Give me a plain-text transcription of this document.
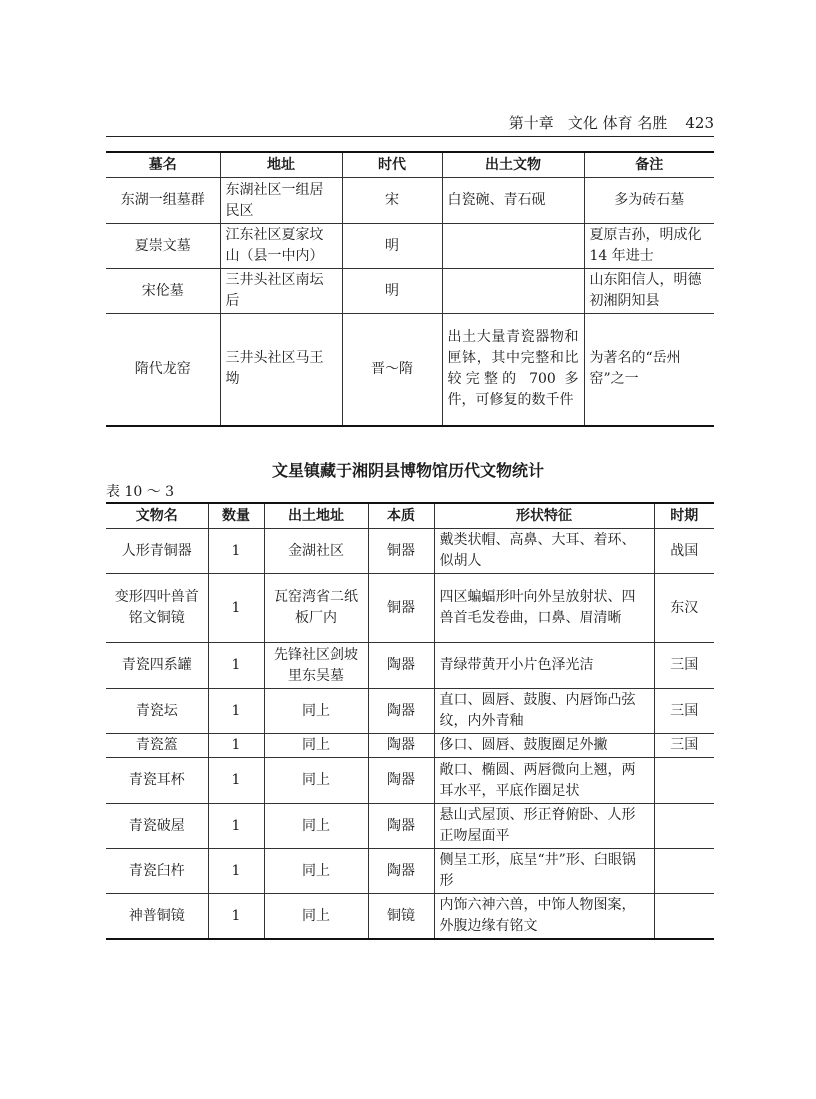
第十章 文化 体育 名胜 423
墓名	地址	时代	出土文物	备注
东湖一组墓群	东湖社区一组居民区	宋	白瓷碗、青石砚	多为砖石墓
夏崇文墓	江东社区夏家坟山（县一中内）	明		夏原吉孙，明成化 14 年进士
宋伦墓	三井头社区南坛后	明		山东阳信人，明德初湘阴知县
隋代龙窑	三井头社区马王坳	晋～隋	出土大量青瓷器物和匣钵，其中完整和比较完整的 700 多件，可修复的数千件	为著名的“岳州窑”之一
文星镇藏于湘阴县博物馆历代文物统计
表 10 ～ 3
文物名	数量	出土地址	本质	形状特征	时期
人形青铜器	1	金湖社区	铜器	戴类状帽、高鼻、大耳、着环、似胡人	战国
变形四叶兽首铭文铜镜	1	瓦窑湾省二纸板厂内	铜器	四区蝙蝠形叶向外呈放射状、四兽首毛发卷曲，口鼻、眉清晰	东汉
青瓷四系罐	1	先锋社区剑坡里东吴墓	陶器	青绿带黄开小片色泽光洁	三国
青瓷坛	1	同上	陶器	直口、圆唇、鼓腹、内唇饰凸弦纹，内外青釉	三国
青瓷篕	1	同上	陶器	侈口、圆唇、鼓腹圈足外撇	三国
青瓷耳杯	1	同上	陶器	敞口、椭圆、两唇微向上翘，两耳水平，平底作圈足状	
青瓷破屋	1	同上	陶器	悬山式屋顶、形正脊俯卧、人形正吻屋面平	
青瓷臼杵	1	同上	陶器	侧呈工形，底呈“井”形、臼眼锅形	
神普铜镜	1	同上	铜镜	内饰六神六兽，中饰人物图案，外腹边缘有铭文	
